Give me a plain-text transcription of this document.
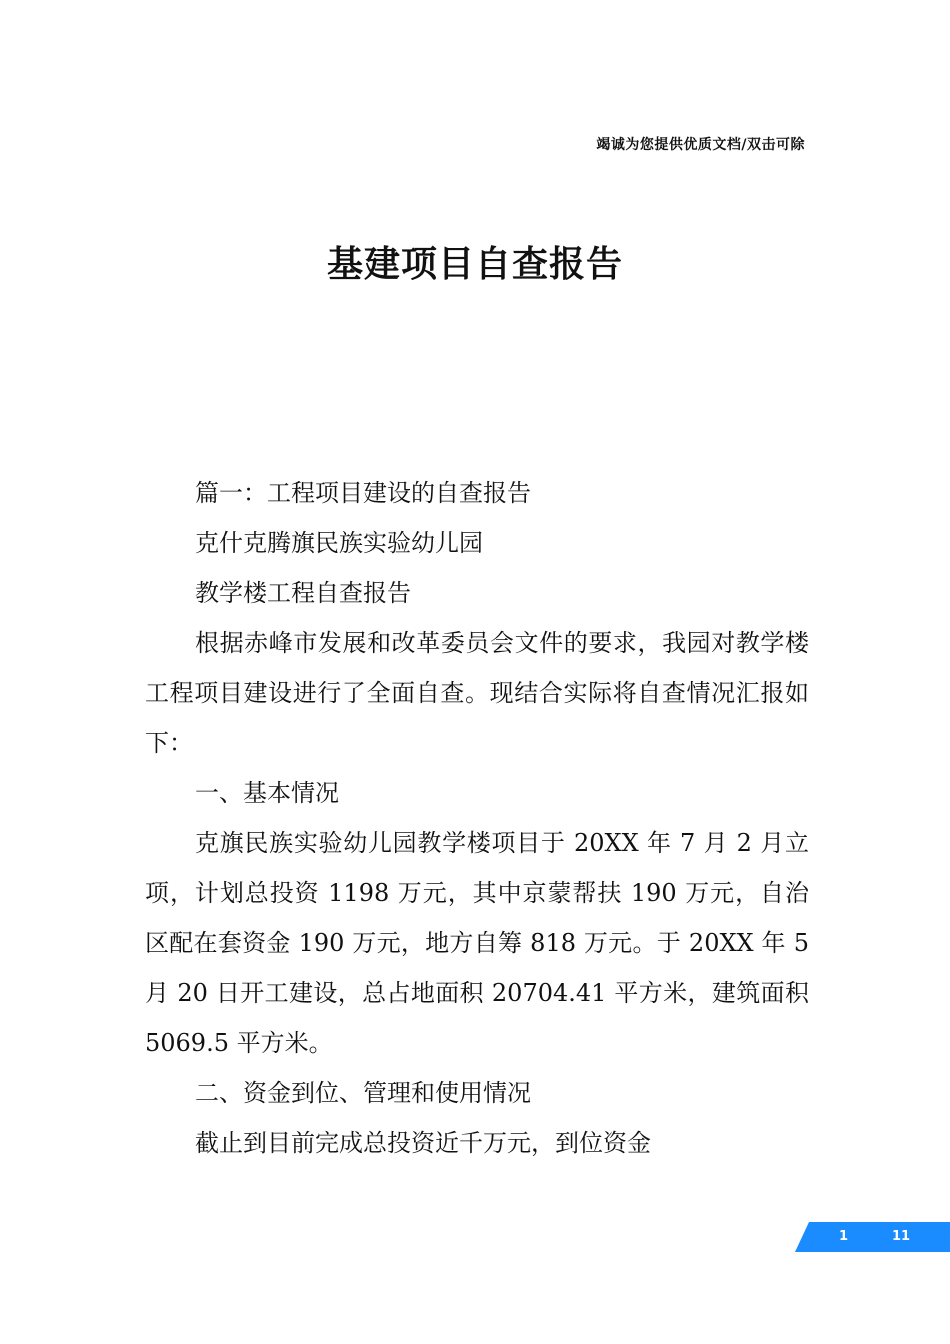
竭诚为您提供优质文档/双击可除
基建项目自查报告

篇一：工程项目建设的自查报告

克什克腾旗民族实验幼儿园

教学楼工程自查报告

根据赤峰市发展和改革委员会文件的要求，我园对教学楼工程项目建设进行了全面自查。现结合实际将自查情况汇报如下：

一、基本情况

克旗民族实验幼儿园教学楼项目于 20XX 年 7 月 2 月立项，计划总投资 1198 万元，其中京蒙帮扶 190 万元，自治区配在套资金 190 万元，地方自筹 818 万元。于 20XX 年 5 月 20 日开工建设，总占地面积 20704.41 平方米，建筑面积 5069.5 平方米。

二、资金到位、管理和使用情况

截止到目前完成总投资近千万元，到位资金

1	11
